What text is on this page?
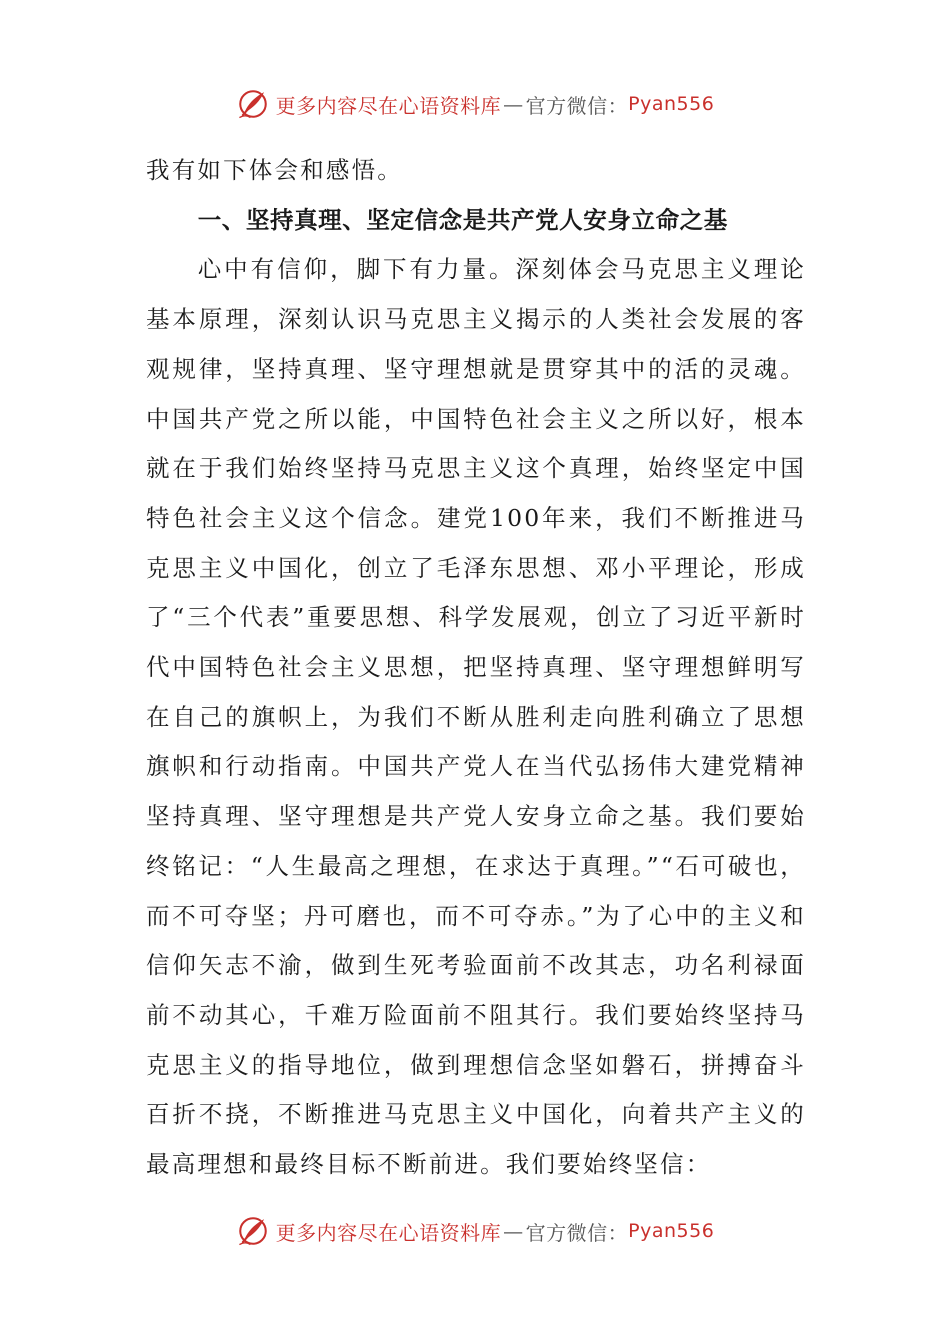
更多内容尽在心语资料库 — 官方微信： Pyan556

我有如下体会和感悟。

一、坚持真理、坚定信念是共产党人安身立命之基

心中有信仰，脚下有力量。深刻体会马克思主义理论基本原理，深刻认识马克思主义揭示的人类社会发展的客观规律，坚持真理、坚守理想就是贯穿其中的活的灵魂。中国共产党之所以能，中国特色社会主义之所以好，根本就在于我们始终坚持马克思主义这个真理，始终坚定中国特色社会主义这个信念。建党100年来，我们不断推进马克思主义中国化，创立了毛泽东思想、邓小平理论，形成了“三个代表”重要思想、科学发展观，创立了习近平新时代中国特色社会主义思想，把坚持真理、坚守理想鲜明写在自己的旗帜上，为我们不断从胜利走向胜利确立了思想旗帜和行动指南。中国共产党人在当代弘扬伟大建党精神坚持真理、坚守理想是共产党人安身立命之基。我们要始终铭记：“人生最高之理想，在求达于真理。”“石可破也，而不可夺坚；丹可磨也，而不可夺赤。”为了心中的主义和信仰矢志不渝，做到生死考验面前不改其志，功名利禄面前不动其心，千难万险面前不阻其行。我们要始终坚持马克思主义的指导地位，做到理想信念坚如磐石，拼搏奋斗百折不挠，不断推进马克思主义中国化，向着共产主义的最高理想和最终目标不断前进。我们要始终坚信：

更多内容尽在心语资料库 — 官方微信： Pyan556
